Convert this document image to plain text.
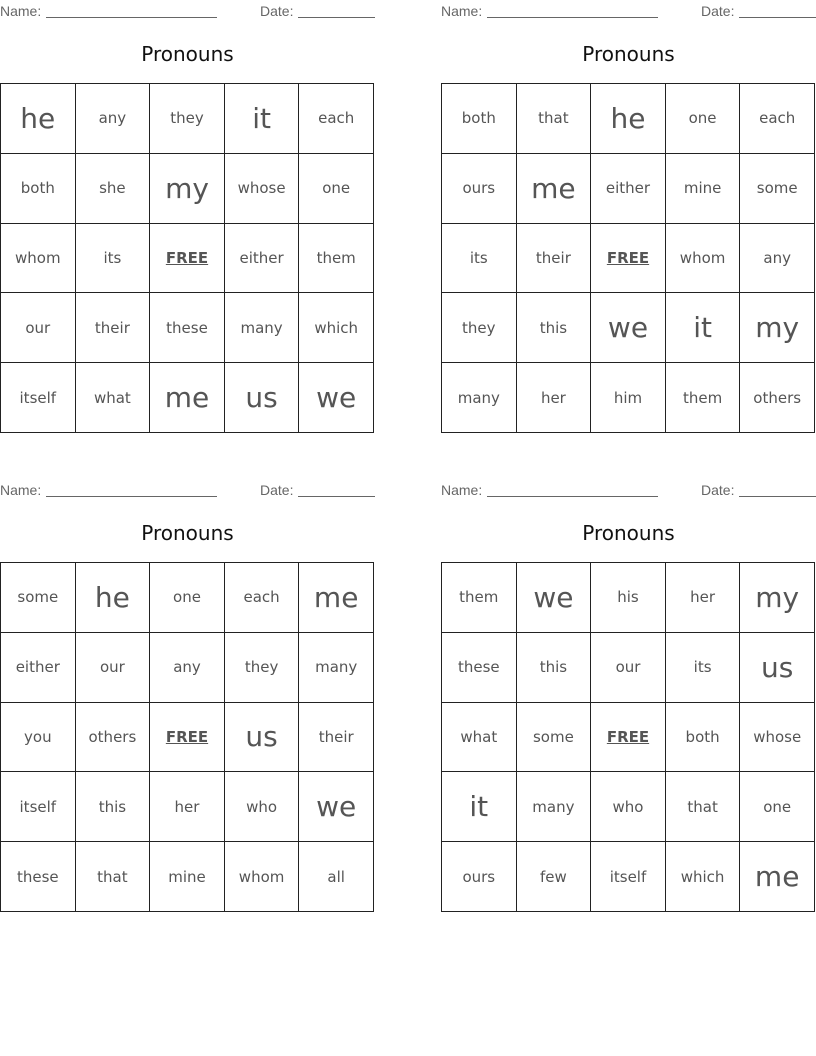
Name:	Date:
Pronouns
he	any	they	it	each
both	she	my	whose	one
whom	its	FREE	either	them
our	their	these	many	which
itself	what	me	us	we
Name:	Date:
Pronouns
both	that	he	one	each
ours	me	either	mine	some
its	their	FREE	whom	any
they	this	we	it	my
many	her	him	them	others
Name:	Date:
Pronouns
some	he	one	each	me
either	our	any	they	many
you	others	FREE	us	their
itself	this	her	who	we
these	that	mine	whom	all
Name:	Date:
Pronouns
them	we	his	her	my
these	this	our	its	us
what	some	FREE	both	whose
it	many	who	that	one
ours	few	itself	which	me
